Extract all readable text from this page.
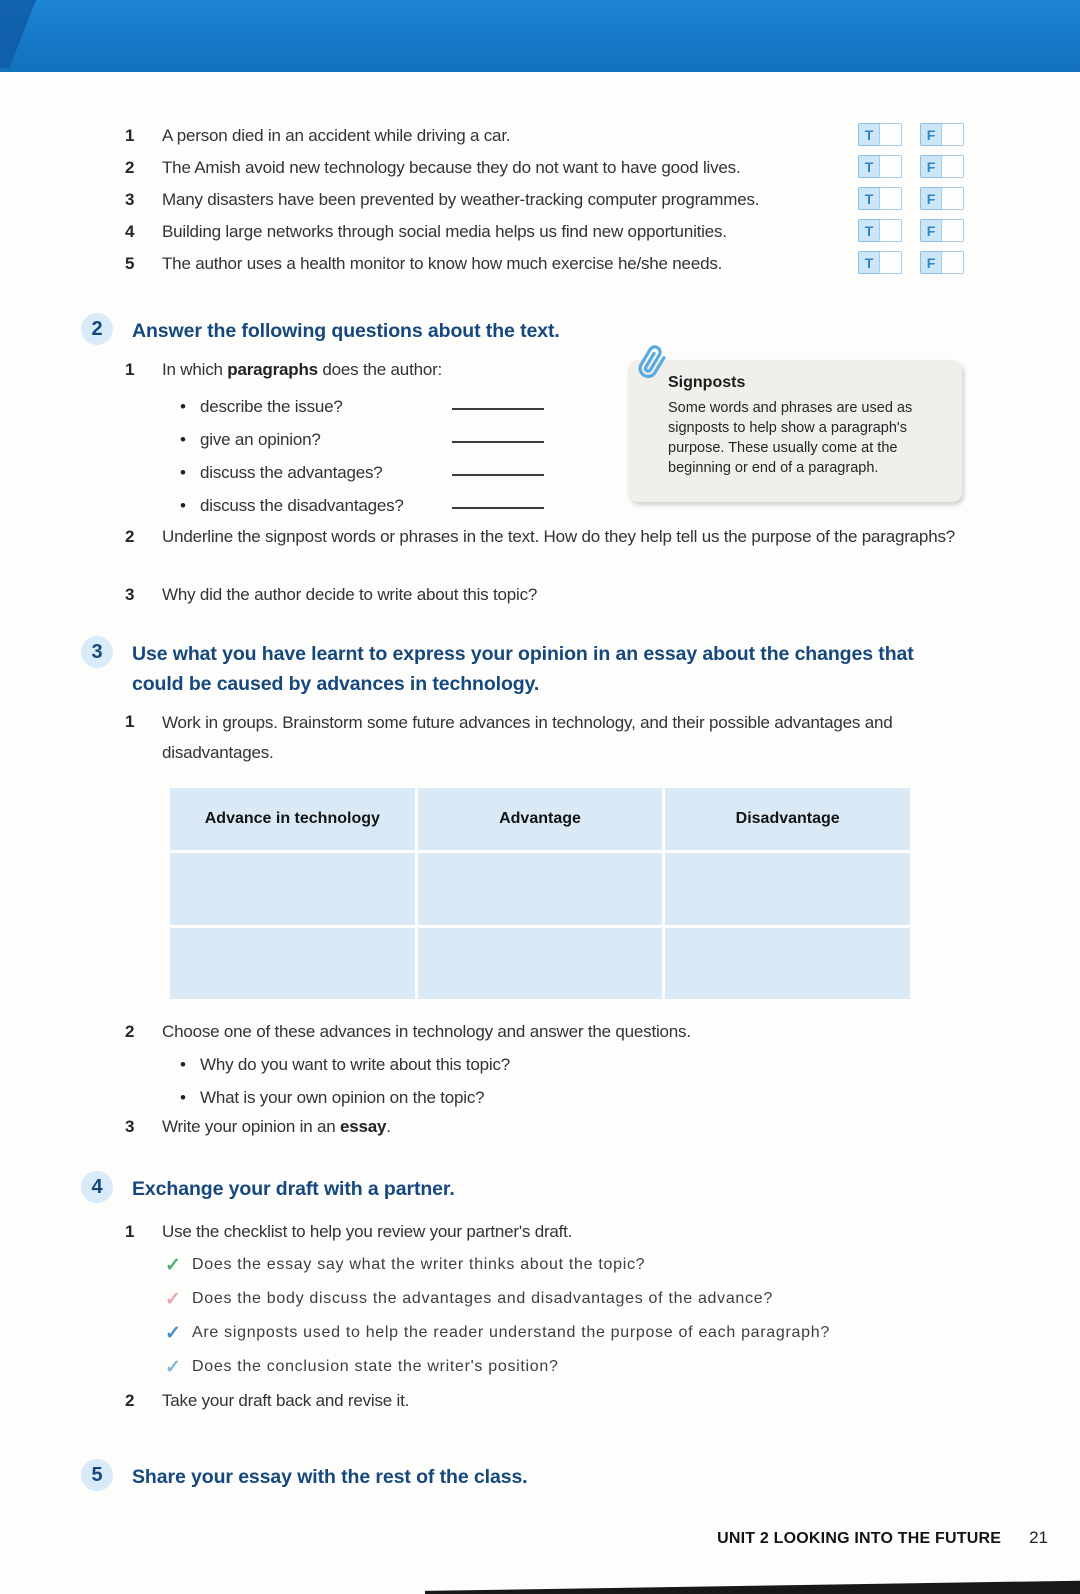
1	A person died in an accident while driving a car.	T	F
2	The Amish avoid new technology because they do not want to have good lives.	T	F
3	Many disasters have been prevented by weather-tracking computer programmes.	T	F
4	Building large networks through social media helps us find new opportunities.	T	F
5	The author uses a health monitor to know how much exercise he/she needs.	T	F
2	Answer the following questions about the text.
1	In which paragraphs does the author:
• describe the issue?
• give an opinion?
• discuss the advantages?
• discuss the disadvantages?
Signposts
Some words and phrases are used as signposts to help show a paragraph's purpose. These usually come at the beginning or end of a paragraph.
2	Underline the signpost words or phrases in the text. How do they help tell us the purpose of the paragraphs?
3	Why did the author decide to write about this topic?
3	Use what you have learnt to express your opinion in an essay about the changes that could be caused by advances in technology.
1	Work in groups. Brainstorm some future advances in technology, and their possible advantages and disadvantages.
Advance in technology	Advantage	Disadvantage
2	Choose one of these advances in technology and answer the questions.
• Why do you want to write about this topic?
• What is your own opinion on the topic?
3	Write your opinion in an essay.
4	Exchange your draft with a partner.
1	Use the checklist to help you review your partner's draft.
✓ Does the essay say what the writer thinks about the topic?
✓ Does the body discuss the advantages and disadvantages of the advance?
✓ Are signposts used to help the reader understand the purpose of each paragraph?
✓ Does the conclusion state the writer's position?
2	Take your draft back and revise it.
5	Share your essay with the rest of the class.
UNIT 2 LOOKING INTO THE FUTURE 21
